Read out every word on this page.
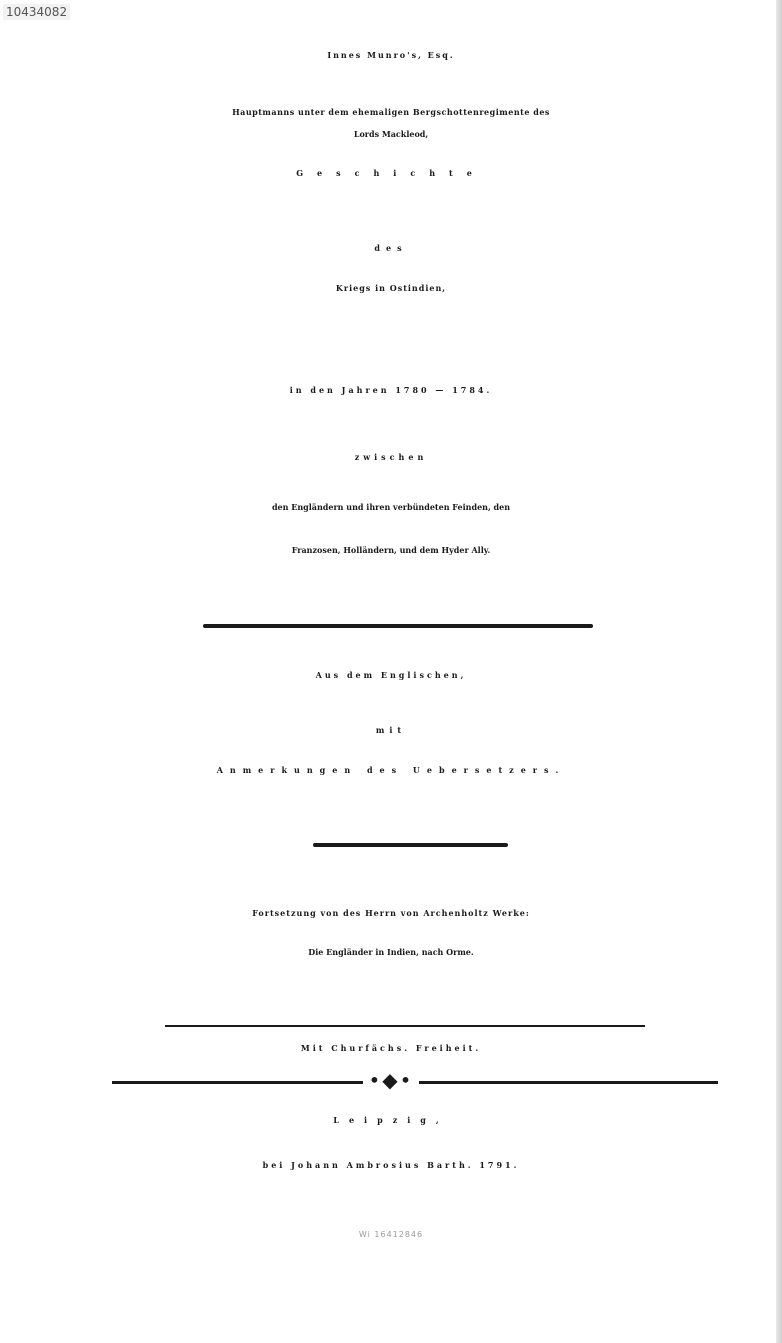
10434082
Innes Munro's, Esq.
Hauptmanns unter dem ehemaligen Bergschottenregimente des
Lords Mackleod,
Geschichte
des
Kriegs in Ostindien,
in den Jahren 1780 — 1784.
zwischen
den Engländern und ihren verbündeten Feinden, den
Franzosen, Holländern, und dem Hyder Ally.
Aus dem Englischen,
mit
Anmerkungen des Uebersetzers.
Fortsetzung von des Herrn von Archenholtz Werke:
Die Engländer in Indien, nach Orme.
Mit Churfächs. Freiheit.
•◆•
Leipzig,
bei Johann Ambrosius Barth. 1791.
Wi 16412846
